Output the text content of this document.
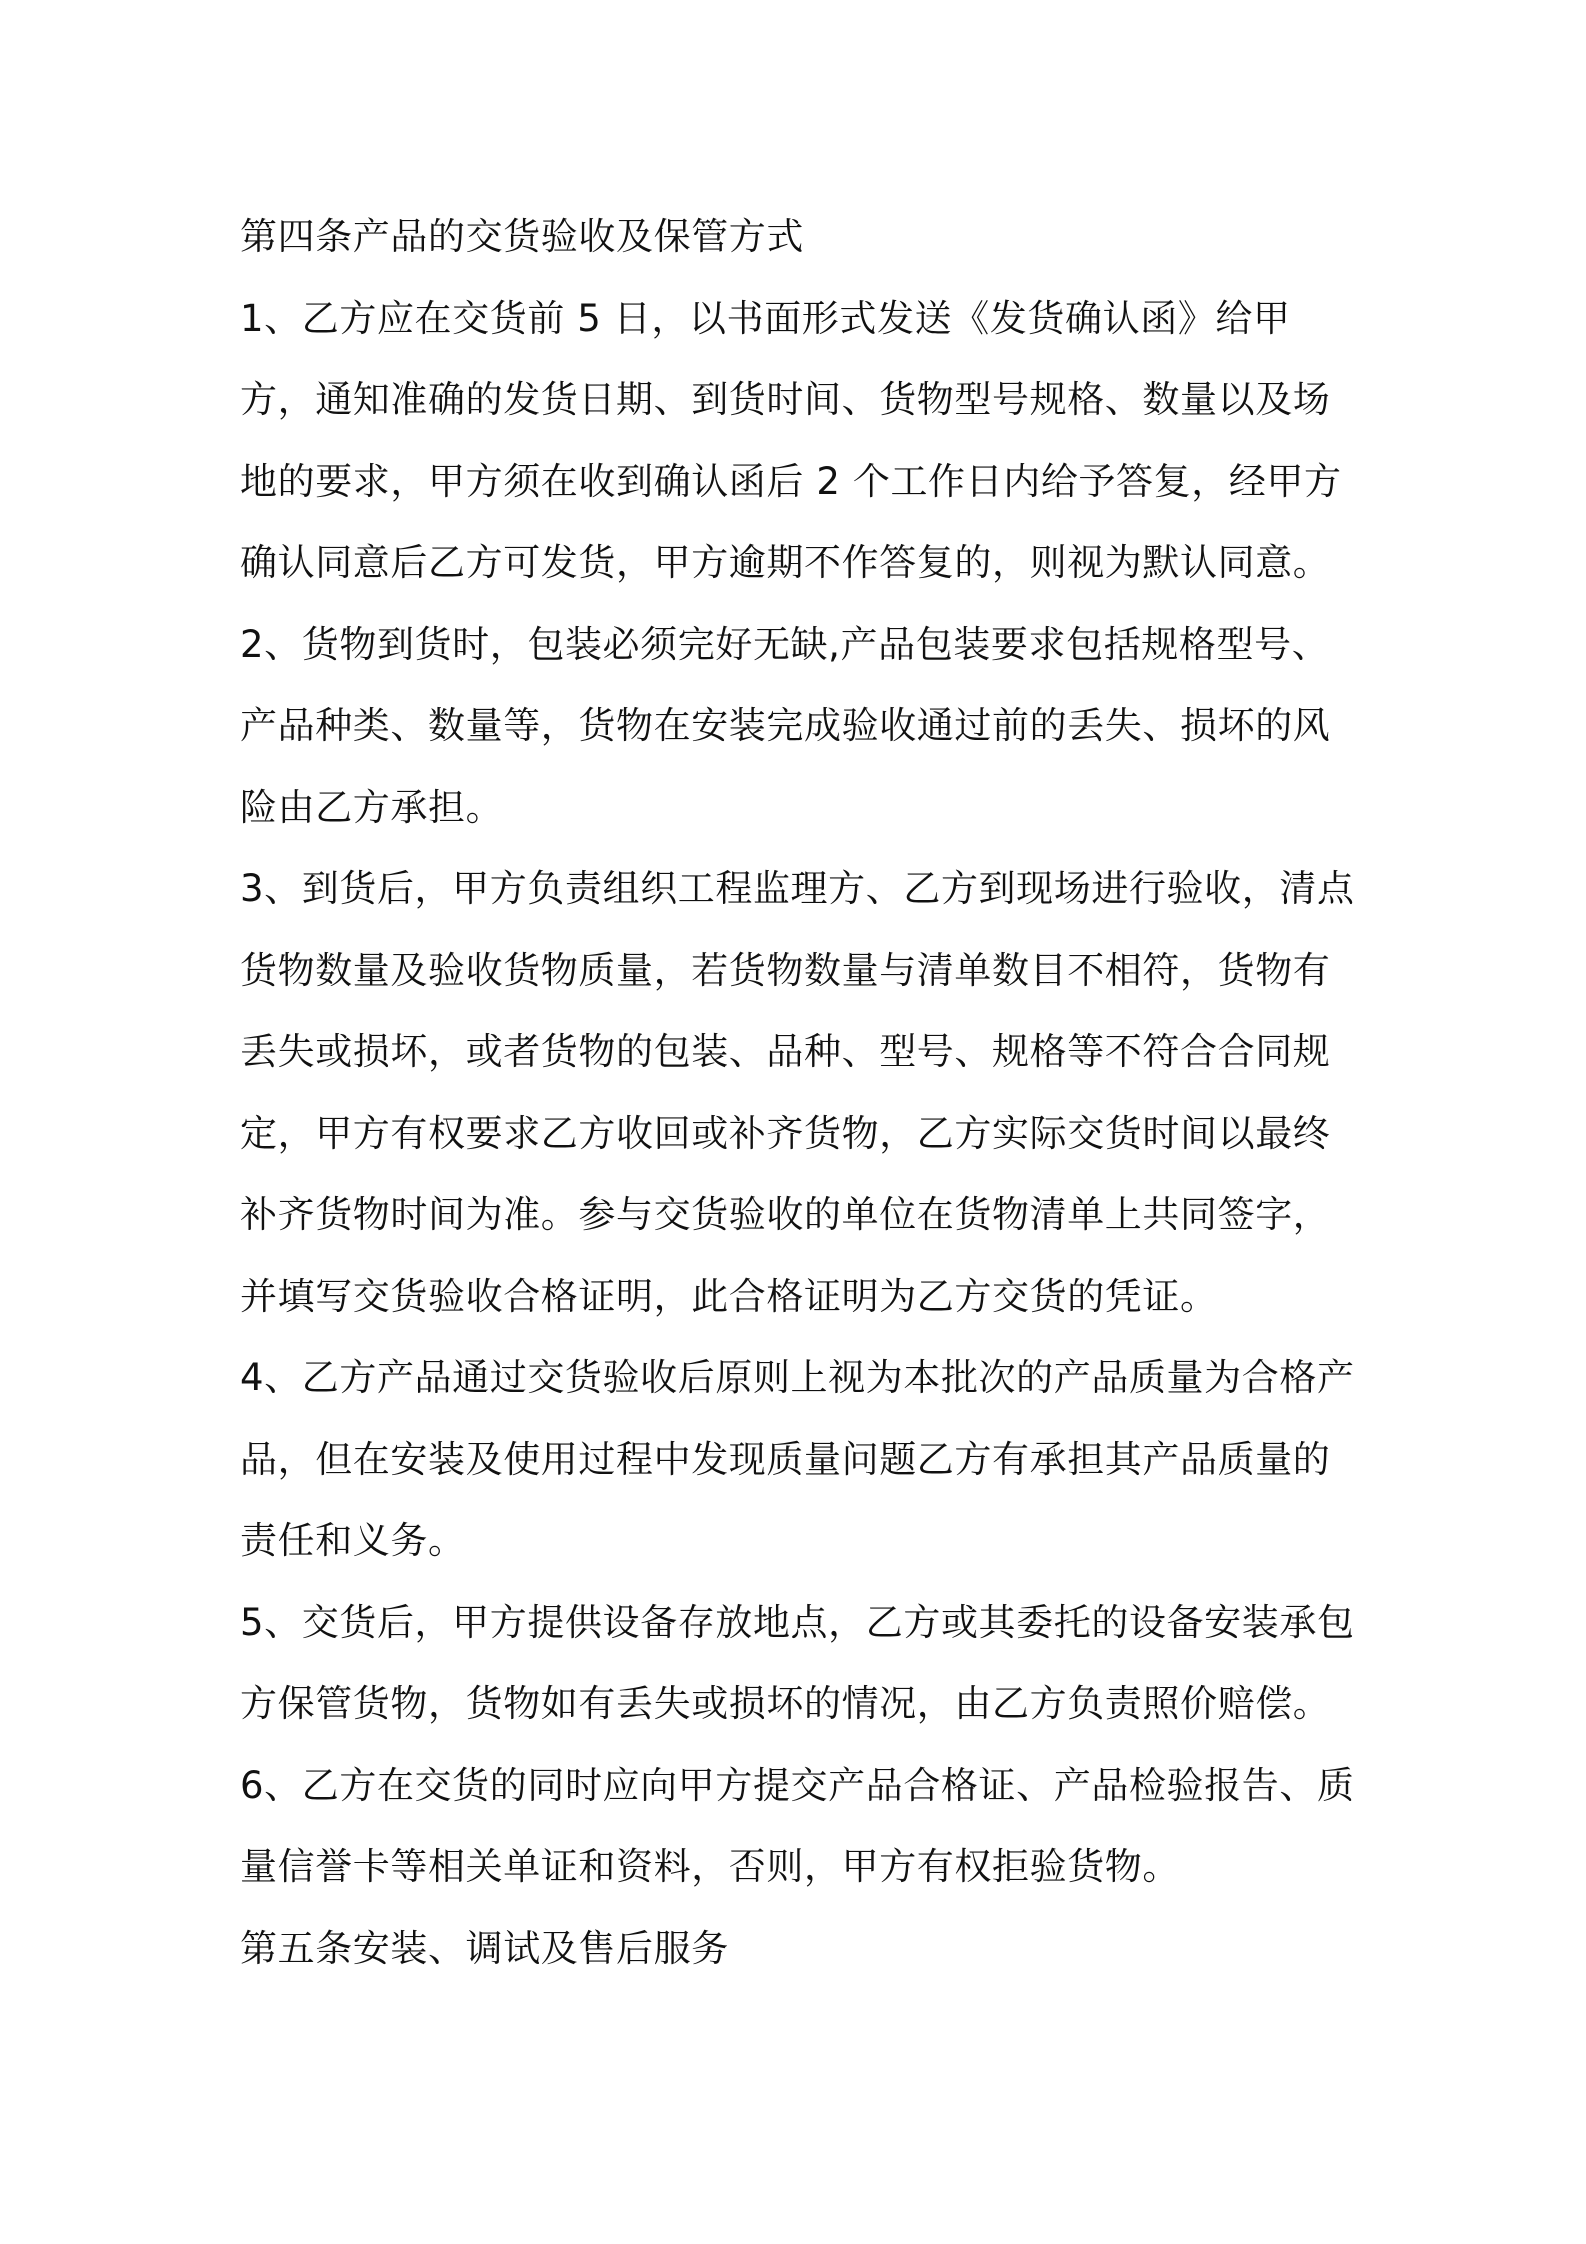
第四条产品的交货验收及保管方式

1、乙方应在交货前 5 日，以书面形式发送《发货确认函》给甲方，通知准确的发货日期、到货时间、货物型号规格、数量以及场地的要求，甲方须在收到确认函后 2 个工作日内给予答复，经甲方确认同意后乙方可发货，甲方逾期不作答复的，则视为默认同意。

2、货物到货时，包装必须完好无缺,产品包装要求包括规格型号、产品种类、数量等，货物在安装完成验收通过前的丢失、损坏的风险由乙方承担。

3、到货后，甲方负责组织工程监理方、乙方到现场进行验收，清点货物数量及验收货物质量，若货物数量与清单数目不相符，货物有丢失或损坏，或者货物的包装、品种、型号、规格等不符合合同规定，甲方有权要求乙方收回或补齐货物，乙方实际交货时间以最终补齐货物时间为准。参与交货验收的单位在货物清单上共同签字，并填写交货验收合格证明，此合格证明为乙方交货的凭证。

4、乙方产品通过交货验收后原则上视为本批次的产品质量为合格产品，但在安装及使用过程中发现质量问题乙方有承担其产品质量的责任和义务。

5、交货后，甲方提供设备存放地点，乙方或其委托的设备安装承包方保管货物，货物如有丢失或损坏的情况，由乙方负责照价赔偿。

6、乙方在交货的同时应向甲方提交产品合格证、产品检验报告、质量信誉卡等相关单证和资料，否则，甲方有权拒验货物。

第五条安装、调试及售后服务
